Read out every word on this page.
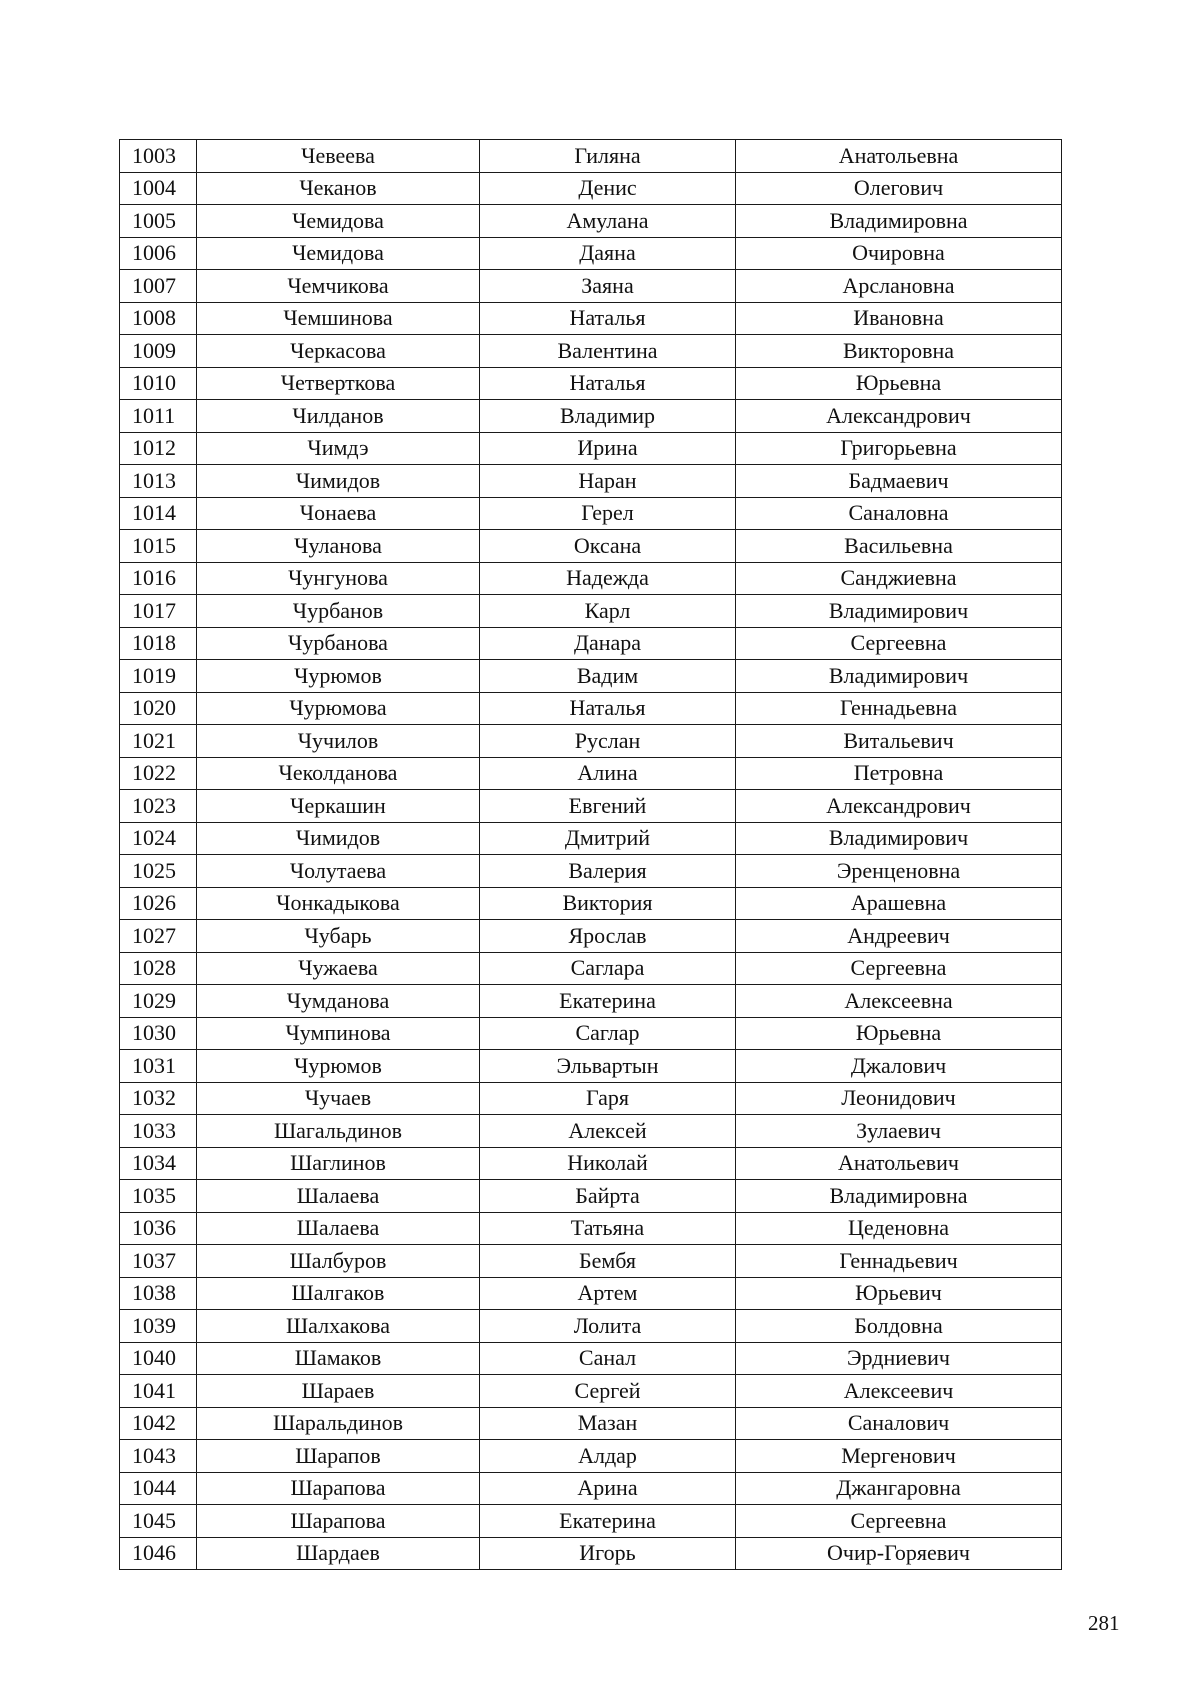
1003	Чевеева	Гиляна	Анатольевна
1004	Чеканов	Денис	Олегович
1005	Чемидова	Амулана	Владимировна
1006	Чемидова	Даяна	Очировна
1007	Чемчикова	Заяна	Арслановна
1008	Чемшинова	Наталья	Ивановна
1009	Черкасова	Валентина	Викторовна
1010	Четверткова	Наталья	Юрьевна
1011	Чилданов	Владимир	Александрович
1012	Чимдэ	Ирина	Григорьевна
1013	Чимидов	Наран	Бадмаевич
1014	Чонаева	Герел	Саналовна
1015	Чуланова	Оксана	Васильевна
1016	Чунгунова	Надежда	Санджиевна
1017	Чурбанов	Карл	Владимирович
1018	Чурбанова	Данара	Сергеевна
1019	Чурюмов	Вадим	Владимирович
1020	Чурюмова	Наталья	Геннадьевна
1021	Чучилов	Руслан	Витальевич
1022	Чеколданова	Алина	Петровна
1023	Черкашин	Евгений	Александрович
1024	Чимидов	Дмитрий	Владимирович
1025	Чолутаева	Валерия	Эренценовна
1026	Чонкадыкова	Виктория	Арашевна
1027	Чубарь	Ярослав	Андреевич
1028	Чужаева	Саглара	Сергеевна
1029	Чумданова	Екатерина	Алексеевна
1030	Чумпинова	Саглар	Юрьевна
1031	Чурюмов	Эльвартын	Джалович
1032	Чучаев	Гаря	Леонидович
1033	Шагальдинов	Алексей	Зулаевич
1034	Шаглинов	Николай	Анатольевич
1035	Шалаева	Байрта	Владимировна
1036	Шалаева	Татьяна	Цеденовна
1037	Шалбуров	Бембя	Геннадьевич
1038	Шалгаков	Артем	Юрьевич
1039	Шалхакова	Лолита	Болдовна
1040	Шамаков	Санал	Эрдниевич
1041	Шараев	Сергей	Алексеевич
1042	Шаральдинов	Мазан	Саналович
1043	Шарапов	Алдар	Мергенович
1044	Шарапова	Арина	Джангаровна
1045	Шарапова	Екатерина	Сергеевна
1046	Шардаев	Игорь	Очир-Горяевич
281
